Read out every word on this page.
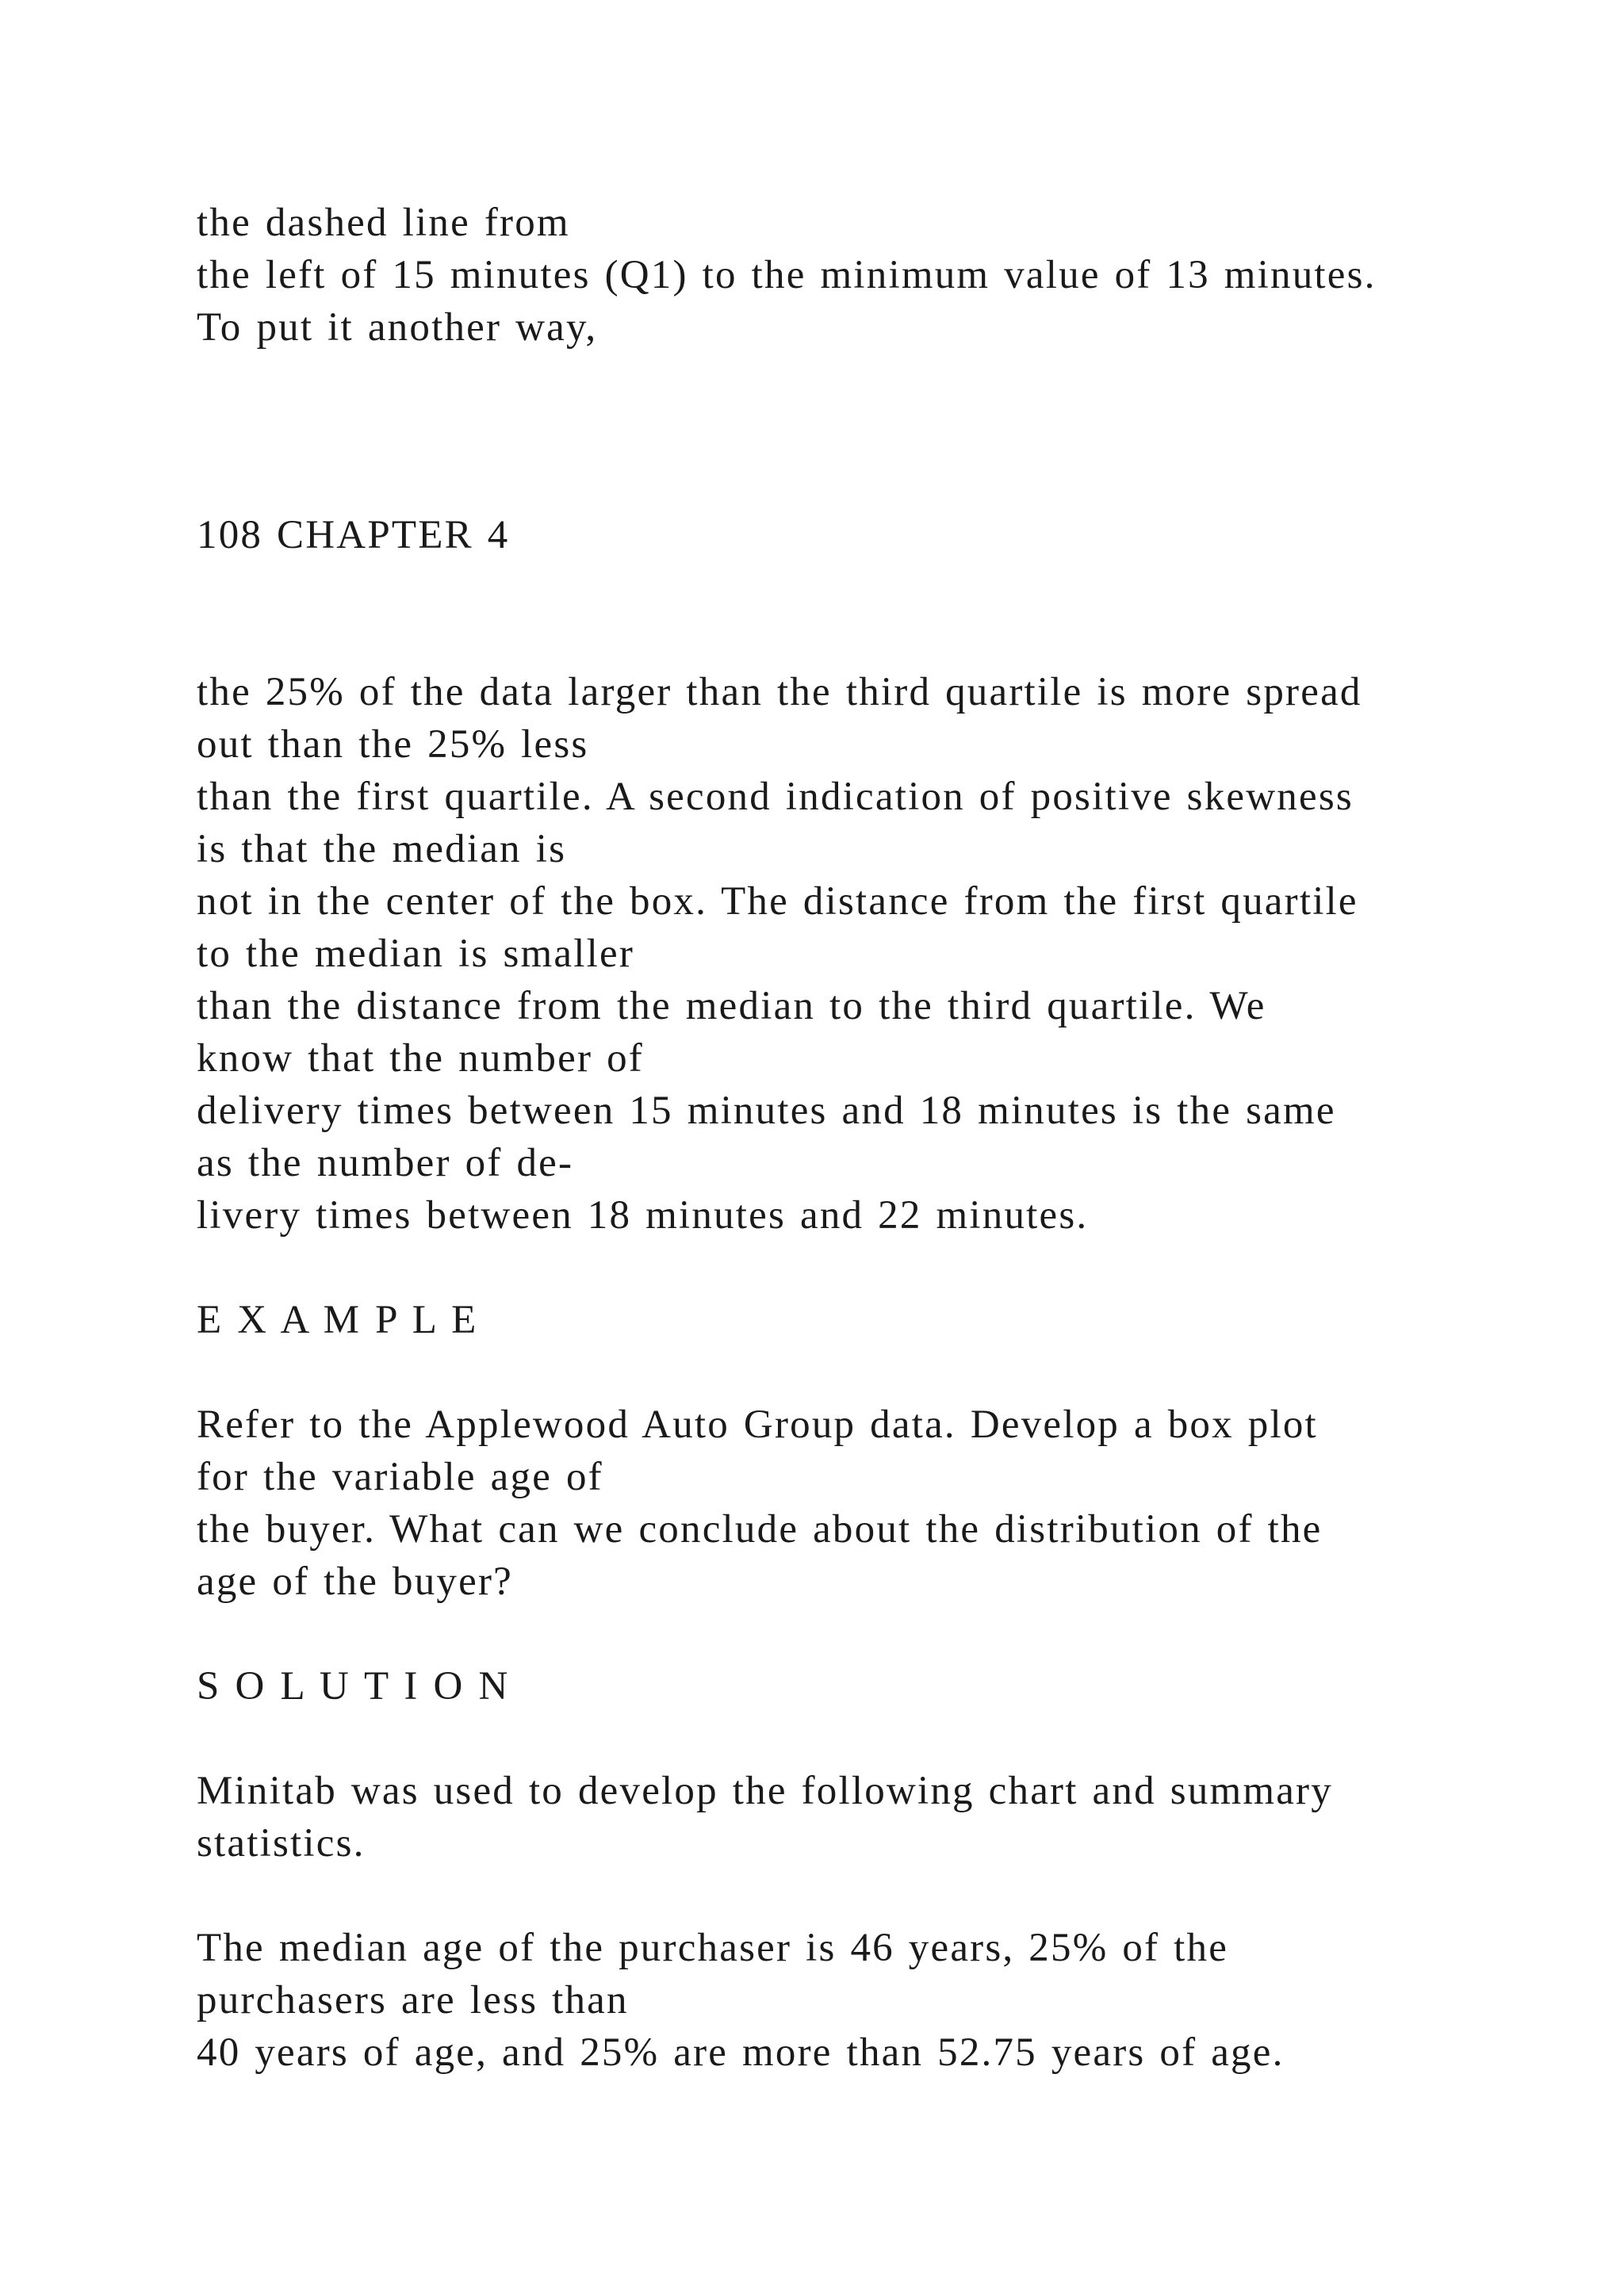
the dashed line from
the left of 15 minutes (Q1) to the minimum value of 13 minutes.
To put it another way,
108 CHAPTER 4
the 25% of the data larger than the third quartile is more spread
out than the 25% less
than the first quartile. A second indication of positive skewness
is that the median is
not in the center of the box. The distance from the first quartile
to the median is smaller
than the distance from the median to the third quartile. We
know that the number of
delivery times between 15 minutes and 18 minutes is the same
as the number of de-
livery times between 18 minutes and 22 minutes.
E X A M P L E
Refer to the Applewood Auto Group data. Develop a box plot
for the variable age of
the buyer. What can we conclude about the distribution of the
age of the buyer?
S O L U T I O N
Minitab was used to develop the following chart and summary
statistics.
The median age of the purchaser is 46 years, 25% of the
purchasers are less than
40 years of age, and 25% are more than 52.75 years of age.
